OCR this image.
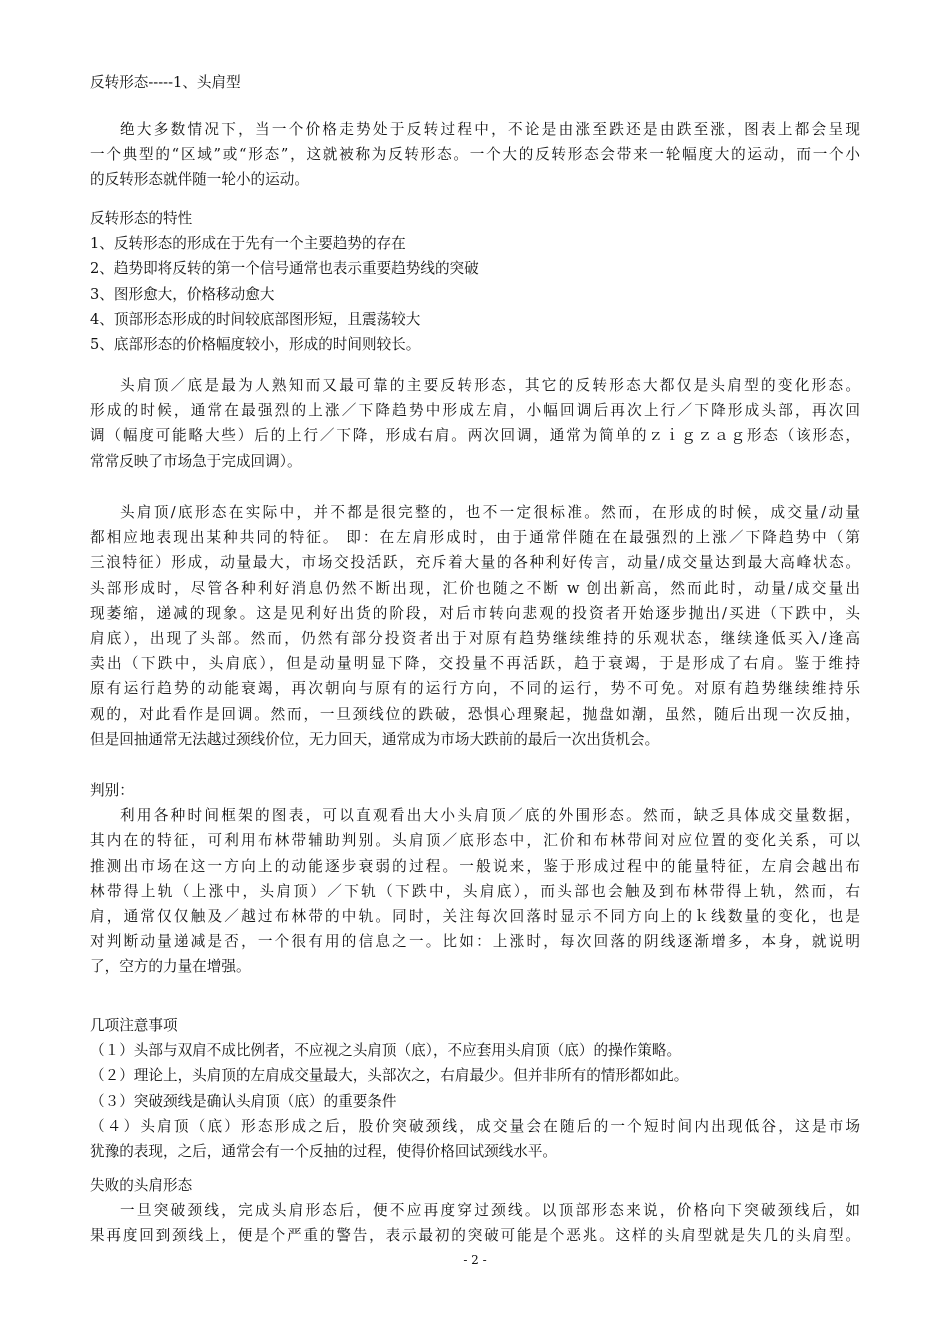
反转形态-----1、头肩型
绝大多数情况下，当一个价格走势处于反转过程中，不论是由涨至跌还是由跌至涨，图表上都会呈现
一个典型的“区域”或“形态”，这就被称为反转形态。一个大的反转形态会带来一轮幅度大的运动，而一个小
的反转形态就伴随一轮小的运动。
反转形态的特性
1、反转形态的形成在于先有一个主要趋势的存在
2、趋势即将反转的第一个信号通常也表示重要趋势线的突破
3、图形愈大，价格移动愈大
4、顶部形态形成的时间较底部图形短，且震荡较大
5、底部形态的价格幅度较小，形成的时间则较长。
头肩顶／底是最为人熟知而又最可靠的主要反转形态，其它的反转形态大都仅是头肩型的变化形态。
形成的时候，通常在最强烈的上涨／下降趋势中形成左肩，小幅回调后再次上行／下降形成头部，再次回
调（幅度可能略大些）后的上行／下降，形成右肩。两次回调，通常为简单的ｚｉｇｚａｇ形态（该形态，
常常反映了市场急于完成回调）。
头肩顶/底形态在实际中，并不都是很完整的，也不一定很标准。然而，在形成的时候，成交量/动量
都相应地表现出某种共同的特征。 即：在左肩形成时，由于通常伴随在在最强烈的上涨／下降趋势中（第
三浪特征）形成，动量最大，市场交投活跃，充斥着大量的各种利好传言，动量/成交量达到最大高峰状态。
头部形成时，尽管各种利好消息仍然不断出现，汇价也随之不断 w 创出新高，然而此时，动量/成交量出
现萎缩，递减的现象。这是见利好出货的阶段，对后市转向悲观的投资者开始逐步抛出/买进（下跌中，头
肩底），出现了头部。然而，仍然有部分投资者出于对原有趋势继续维持的乐观状态，继续逢低买入/逢高
卖出（下跌中，头肩底），但是动量明显下降，交投量不再活跃，趋于衰竭，于是形成了右肩。鉴于维持
原有运行趋势的动能衰竭，再次朝向与原有的运行方向，不同的运行，势不可免。对原有趋势继续维持乐
观的，对此看作是回调。然而，一旦颈线位的跌破，恐惧心理聚起，抛盘如潮，虽然，随后出现一次反抽，
但是回抽通常无法越过颈线价位，无力回天，通常成为市场大跌前的最后一次出货机会。
判别：
利用各种时间框架的图表，可以直观看出大小头肩顶／底的外围形态。然而，缺乏具体成交量数据，
其内在的特征，可利用布林带辅助判别。头肩顶／底形态中，汇价和布林带间对应位置的变化关系，可以
推测出市场在这一方向上的动能逐步衰弱的过程。一般说来，鉴于形成过程中的能量特征，左肩会越出布
林带得上轨（上涨中，头肩顶）／下轨（下跌中，头肩底），而头部也会触及到布林带得上轨，然而，右
肩，通常仅仅触及／越过布林带的中轨。同时，关注每次回落时显示不同方向上的ｋ线数量的变化，也是
对判断动量递减是否，一个很有用的信息之一。比如：上涨时，每次回落的阴线逐渐增多，本身，就说明
了，空方的力量在增强。
几项注意事项
（１）头部与双肩不成比例者，不应视之头肩顶（底），不应套用头肩顶（底）的操作策略。
（２）理论上，头肩顶的左肩成交量最大，头部次之，右肩最少。但并非所有的情形都如此。
（３）突破颈线是确认头肩顶（底）的重要条件
（４）头肩顶（底）形态形成之后，股价突破颈线，成交量会在随后的一个短时间内出现低谷，这是市场
犹豫的表现，之后，通常会有一个反抽的过程，使得价格回试颈线水平。
失败的头肩形态
一旦突破颈线，完成头肩形态后，便不应再度穿过颈线。以顶部形态来说，价格向下突破颈线后，如
果再度回到颈线上，便是个严重的警告，表示最初的突破可能是个恶兆。这样的头肩型就是失几的头肩型。
- 2 -
